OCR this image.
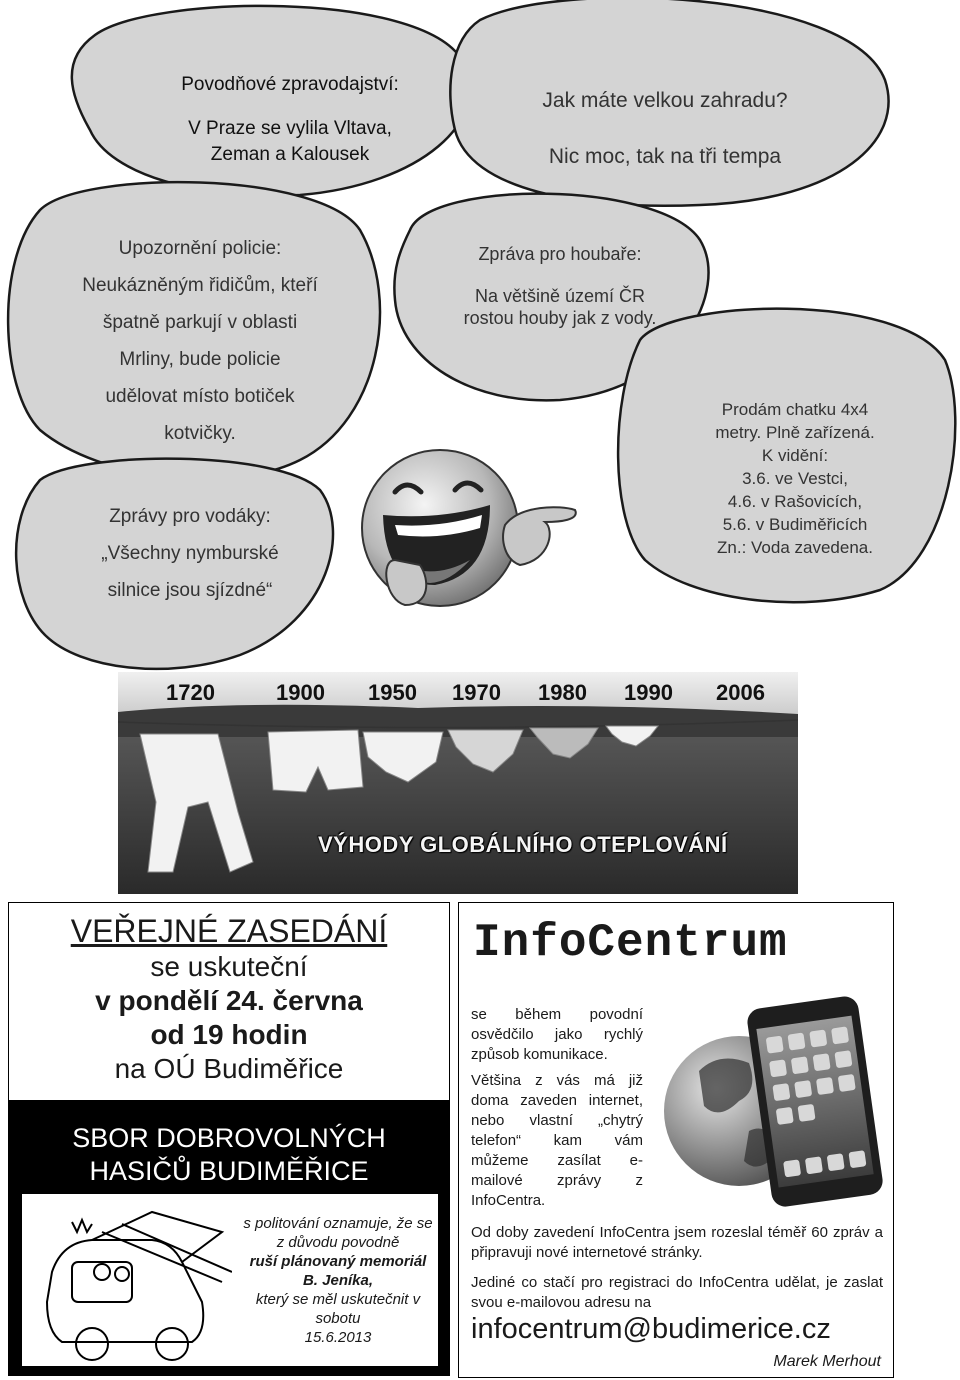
Povodňové zpravodajství:

V Praze se vylila Vltava, Zeman a Kalousek

Jak máte velkou zahradu?

Nic moc, tak na tři tempa

Upozornění policie:

Neukázněným řidičům, kteří

špatně parkují v oblasti

Mrliny, bude policie

udělovat místo botiček

kotvičky.

Zpráva pro houbaře:

Na většině území ČR rostou houby jak z vody.

Prodám chatku 4x4

metry. Plně zařízená.

K vidění:

3.6. ve Vestci,

4.6. v Rašovicích,

5.6. v Budiměřicích

Zn.: Voda zavedena.

Zprávy pro vodáky:

„Všechny nymburské

silnice jsou sjízdné“

1720	1900 1950 1970 1980 1990 2006
VÝHODY GLOBÁLNÍHO OTEPLOVÁNÍ
VEŘEJNÉ ZASEDÁNÍ
se uskuteční
v pondělí 24. června
od 19 hodin
na OÚ Budiměřice
SBOR DOBROVOLNÝCH
HASIČŮ BUDIMĚŘICE
s politování oznamuje, že se z důvodu povodně
ruší plánovaný memoriál B. Jeníka,
který se měl uskutečnit v sobotu
15.6.2013
InfoCentrum
se během povodní osvědčilo jako rychlý způsob komunikace.
Většina z vás má již doma zaveden internet, nebo vlastní „chytrý telefon“ kam vám můžeme zasílat e-mailové zprávy z InfoCentra.
Od doby zavedení InfoCentra jsem rozeslal téměř 60 zpráv a připravuji nové internetové stránky.
Jediné co stačí pro registraci do InfoCentra udělat, je zaslat svou e-mailovou adresu na
infocentrum@budimerice.cz
Marek Merhout
